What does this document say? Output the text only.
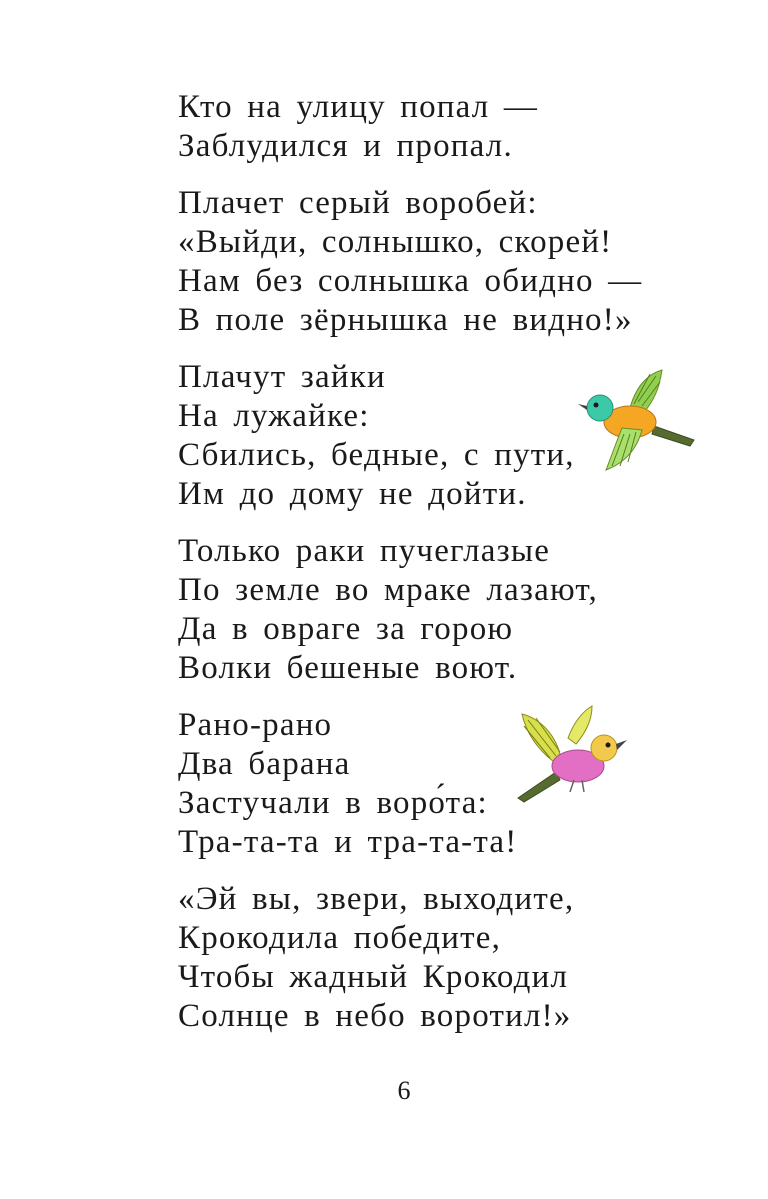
Кто на улицу попал —
Заблудился и пропал.
Плачет серый воробей:
«Выйди, солнышко, скорей!
Нам без солнышка обидно —
В поле зёрнышка не видно!»
Плачут зайки
На лужайке:
Сбились, бедные, с пути,
Им до дому не дойти.
Только раки пучеглазые
По земле во мраке лазают,
Да в овраге за горою
Волки бешеные воют.
Рано-рано
Два барана
Застучали в воро́та:
Тра-та-та и тра-та-та!
«Эй вы, звери, выходите,
Крокодила победите,
Чтобы жадный Крокодил
Солнце в небо воротил!»
6
